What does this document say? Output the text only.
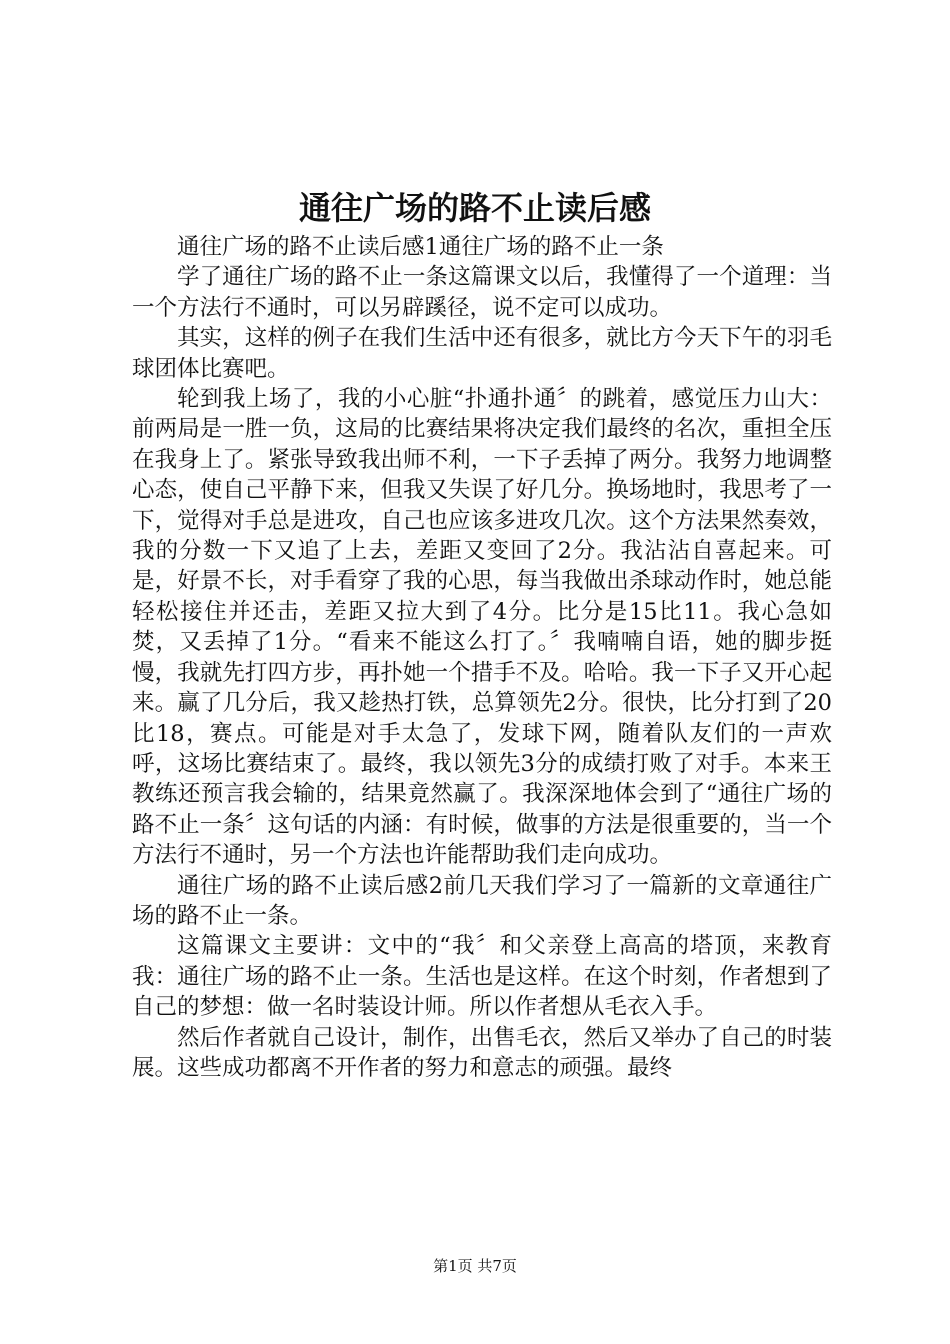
通往广场的路不止读后感

通往广场的路不止读后感1通往广场的路不止一条

学了通往广场的路不止一条这篇课文以后，我懂得了一个道理：当一个方法行不通时，可以另辟蹊径，说不定可以成功。

其实，这样的例子在我们生活中还有很多，就比方今天下午的羽毛球团体比赛吧。

轮到我上场了，我的小心脏“扑通扑通〞的跳着，感觉压力山大：前两局是一胜一负，这局的比赛结果将决定我们最终的名次，重担全压在我身上了。紧张导致我出师不利，一下子丢掉了两分。我努力地调整心态，使自己平静下来，但我又失误了好几分。换场地时，我思考了一下，觉得对手总是进攻，自己也应该多进攻几次。这个方法果然奏效，我的分数一下又追了上去，差距又变回了2分。我沾沾自喜起来。可是，好景不长，对手看穿了我的心思，每当我做出杀球动作时，她总能轻松接住并还击，差距又拉大到了4分。比分是15比11。我心急如焚，又丢掉了1分。“看来不能这么打了。〞我喃喃自语，她的脚步挺慢，我就先打四方步，再扑她一个措手不及。哈哈。我一下子又开心起来。赢了几分后，我又趁热打铁，总算领先2分。很快，比分打到了20比18，赛点。可能是对手太急了，发球下网，随着队友们的一声欢呼，这场比赛结束了。最终，我以领先3分的成绩打败了对手。本来王教练还预言我会输的，结果竟然赢了。我深深地体会到了“通往广场的路不止一条〞这句话的内涵：有时候，做事的方法是很重要的，当一个方法行不通时，另一个方法也许能帮助我们走向成功。

通往广场的路不止读后感2前几天我们学习了一篇新的文章通往广场的路不止一条。

这篇课文主要讲：文中的“我〞和父亲登上高高的塔顶，来教育我：通往广场的路不止一条。生活也是这样。在这个时刻，作者想到了自己的梦想：做一名时装设计师。所以作者想从毛衣入手。

然后作者就自己设计，制作，出售毛衣，然后又举办了自己的时装展。这些成功都离不开作者的努力和意志的顽强。最终

第1页 共7页
